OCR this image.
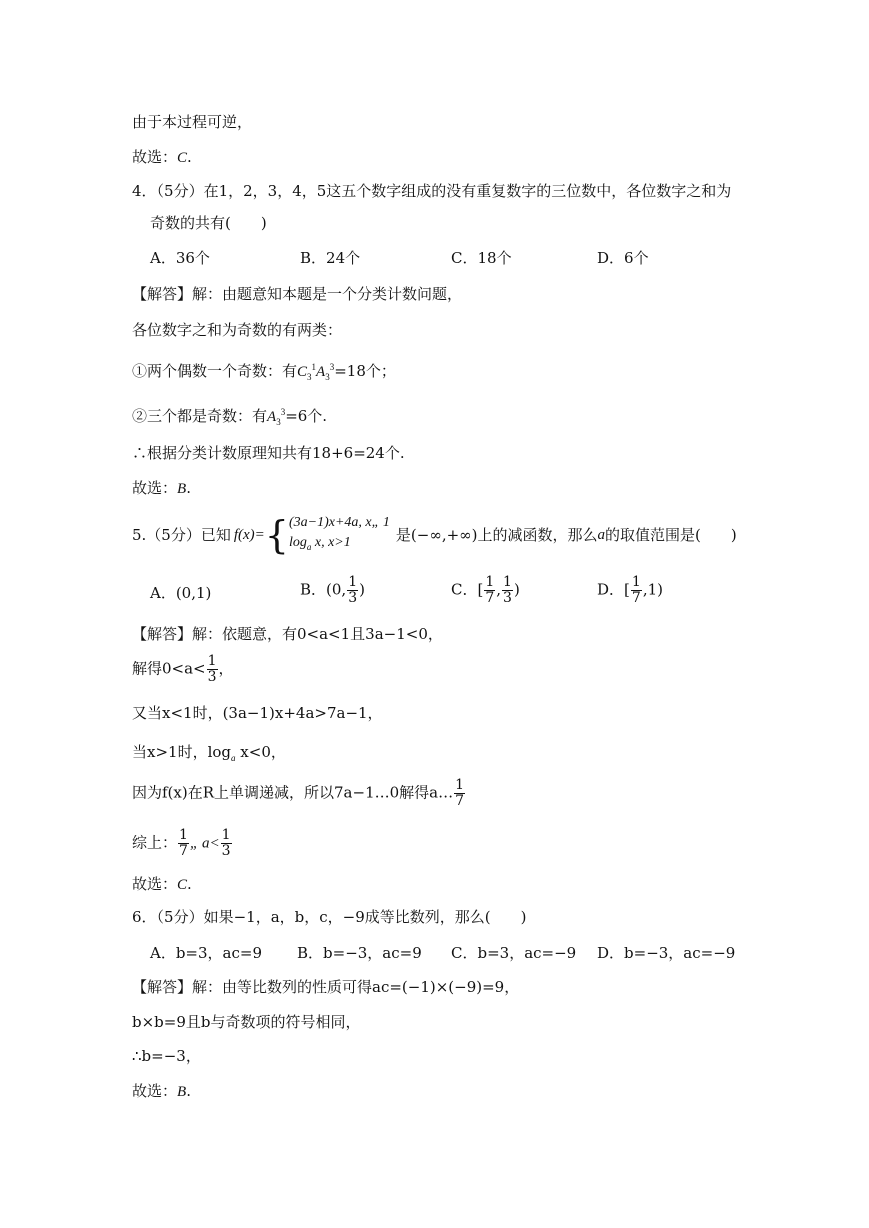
由于本过程可逆，
故选：C.
4．（5分）在1，2，3，4，5这五个数字组成的没有重复数字的三位数中，各位数字之和为
奇数的共有(　　)
A．36个	B．24个	C．18个	D．6个
【解答】解：由题意知本题是一个分类计数问题，
各位数字之和为奇数的有两类：
①两个偶数一个奇数：有$C_3^1A_3^3=18$个；
②三个都是奇数：有$A_3^3=6$个.
∴根据分类计数原理知共有18+6=24个.
故选：B.
5.（5分）已知 f(x)= { (3a−1)x+4a, x„ 1
$\log_a x$, x>1	是(−∞,+∞)上的减函数，那么 a 的取值范围是(　　)
A．(0,1)	B．(0, $\frac{1}{3}$ )	C．[ $\frac{1}{7}$ , $\frac{1}{3}$ )	D．[ $\frac{1}{7} ,1$)
【解答】解：依题意，有0<a<1且3a−1<0，
解得$0<a< \frac{1}{3}$ ，
又当x<1时，(3a−1)x+4a>7a−1，
当x>1时，$\log_a x<0$，
因为f(x)在R上单调递减，所以7a−1…0解得a… $\frac{1}{7}$
综上： $\frac{1}{7}$ „ $a< \frac{1}{3}$
故选：C.
6．（5分）如果−1，a，b，c，−9成等比数列，那么(　　)
A．b=3，ac=9 B．b=−3，ac=9 C．b=3，ac=−9 D．b=−3，ac=−9
【解答】解：由等比数列的性质可得ac=(−1)×(−9)=9，
b×b=9且b与奇数项的符号相同，
∴b=−3，
故选：B.
